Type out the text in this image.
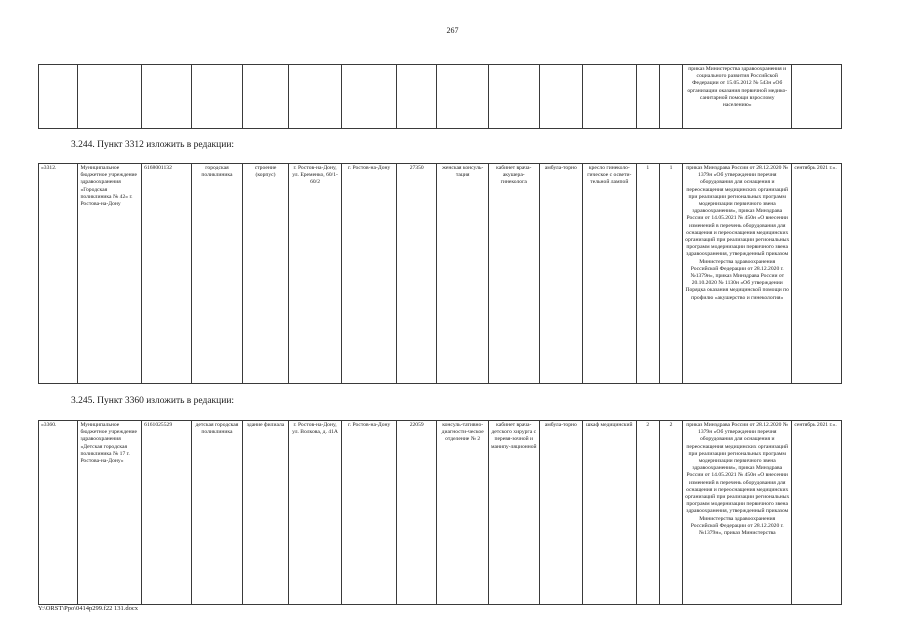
267
														приказ Министерства здравоохранения и социального развития Российской Федерации от 15.05.2012 № 543н «Об организации оказания первичной медико-санитарной помощи взрослому населению»	
3.244. Пункт 3312 изложить в редакции:
«3312.	Муниципальное бюджетное учреждение здравоохранения «Городская поликлиника № 42» г. Ростова-на-Дону	6168001132	городская поликлиника	строение (корпус)	г. Ростов-на-Дону, ул. Еременко, 60/1-60/2	г. Ростов-на-Дону	27350	женская консуль-тация	кабинет врача-акушера-гинеколога	амбула-торно	кресло гинеколо-гическое с освети-тельной лампой	1	1	приказ Минздрава России от 28.12.2020 № 1379н «Об утверждении перечня оборудования для оснащения и переоснащения медицинских организаций при реализации региональных программ модернизации первичного звена здравоохранения», приказ Минздрава России от 14.05.2021 № 450н «О внесении изменений в перечень оборудования для оснащения и переоснащения медицинских организаций при реализации региональных программ модернизации первичного звена здравоохранения, утвержденный приказом Министерства здравоохранения Российской Федерации от 28.12.2020 г. №1379н», приказ Минздрава России от 20.10.2020 № 1130н «Об утверждении Порядка оказания медицинской помощи по профилю «акушерство и гинекология»	сентябрь 2021 г.».
3.245. Пункт 3360 изложить в редакции:
«3360.	Муниципальное бюджетное учреждение здравоохранения «Детская городская поликлиника № 17 г. Ростова-на-Дону»	6161025529	детская городская поликлиника	здание филиала	г. Ростов-на-Дону, ул. Волкова, д. 41А	г. Ростов-на-Дону	22059	консуль-тативно-диагности-ческое отделение № 2	кабинет врача-детского хирурга с перевя-зочной и манипу-ляционной	амбула-торно	шкаф медицинский	2	2	приказ Минздрава России от 28.12.2020 № 1379н «Об утверждении перечня оборудования для оснащения и переоснащения медицинских организаций при реализации региональных программ модернизации первичного звена здравоохранения», приказ Минздрава России от 14.05.2021 № 450н «О внесении изменений в перечень оборудования для оснащения и переоснащения медицинских организаций при реализации региональных программ модернизации первичного звена здравоохранения, утвержденный приказом Министерства здравоохранения Российской Федерации от 28.12.2020 г. №1379н», приказ Министерства	сентябрь 2021 г.».
Y:\ORST\Ppo\0414p299.f22 131.docx
